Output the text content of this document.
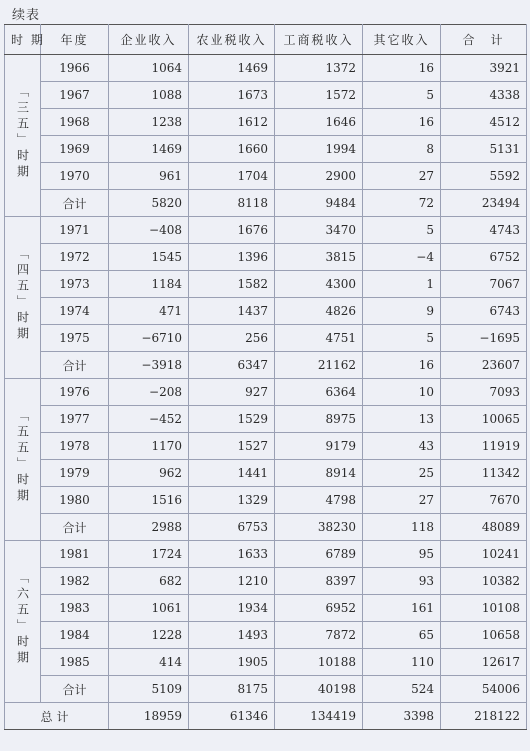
续表
时 期	年度	企业收入	农业税收入	工商税收入	其它收入	合　计
「三五」时期	1966	1064	1469	1372	16	3921
	1967	1088	1673	1572	5	4338
	1968	1238	1612	1646	16	4512
	1969	1469	1660	1994	8	5131
	1970	961	1704	2900	27	5592
	合计	5820	8118	9484	72	23494
「四五」时期	1971	−408	1676	3470	5	4743
	1972	1545	1396	3815	−4	6752
	1973	1184	1582	4300	1	7067
	1974	471	1437	4826	9	6743
	1975	−6710	256	4751	5	−1695
	合计	−3918	6347	21162	16	23607
「五五」时期	1976	−208	927	6364	10	7093
	1977	−452	1529	8975	13	10065
	1978	1170	1527	9179	43	11919
	1979	962	1441	8914	25	11342
	1980	1516	1329	4798	27	7670
	合计	2988	6753	38230	118	48089
「六五」时期	1981	1724	1633	6789	95	10241
	1982	682	1210	8397	93	10382
	1983	1061	1934	6952	161	10108
	1984	1228	1493	7872	65	10658
	1985	414	1905	10188	110	12617
	合计	5109	8175	40198	524	54006
总计		18959	61346	134419	3398	218122
